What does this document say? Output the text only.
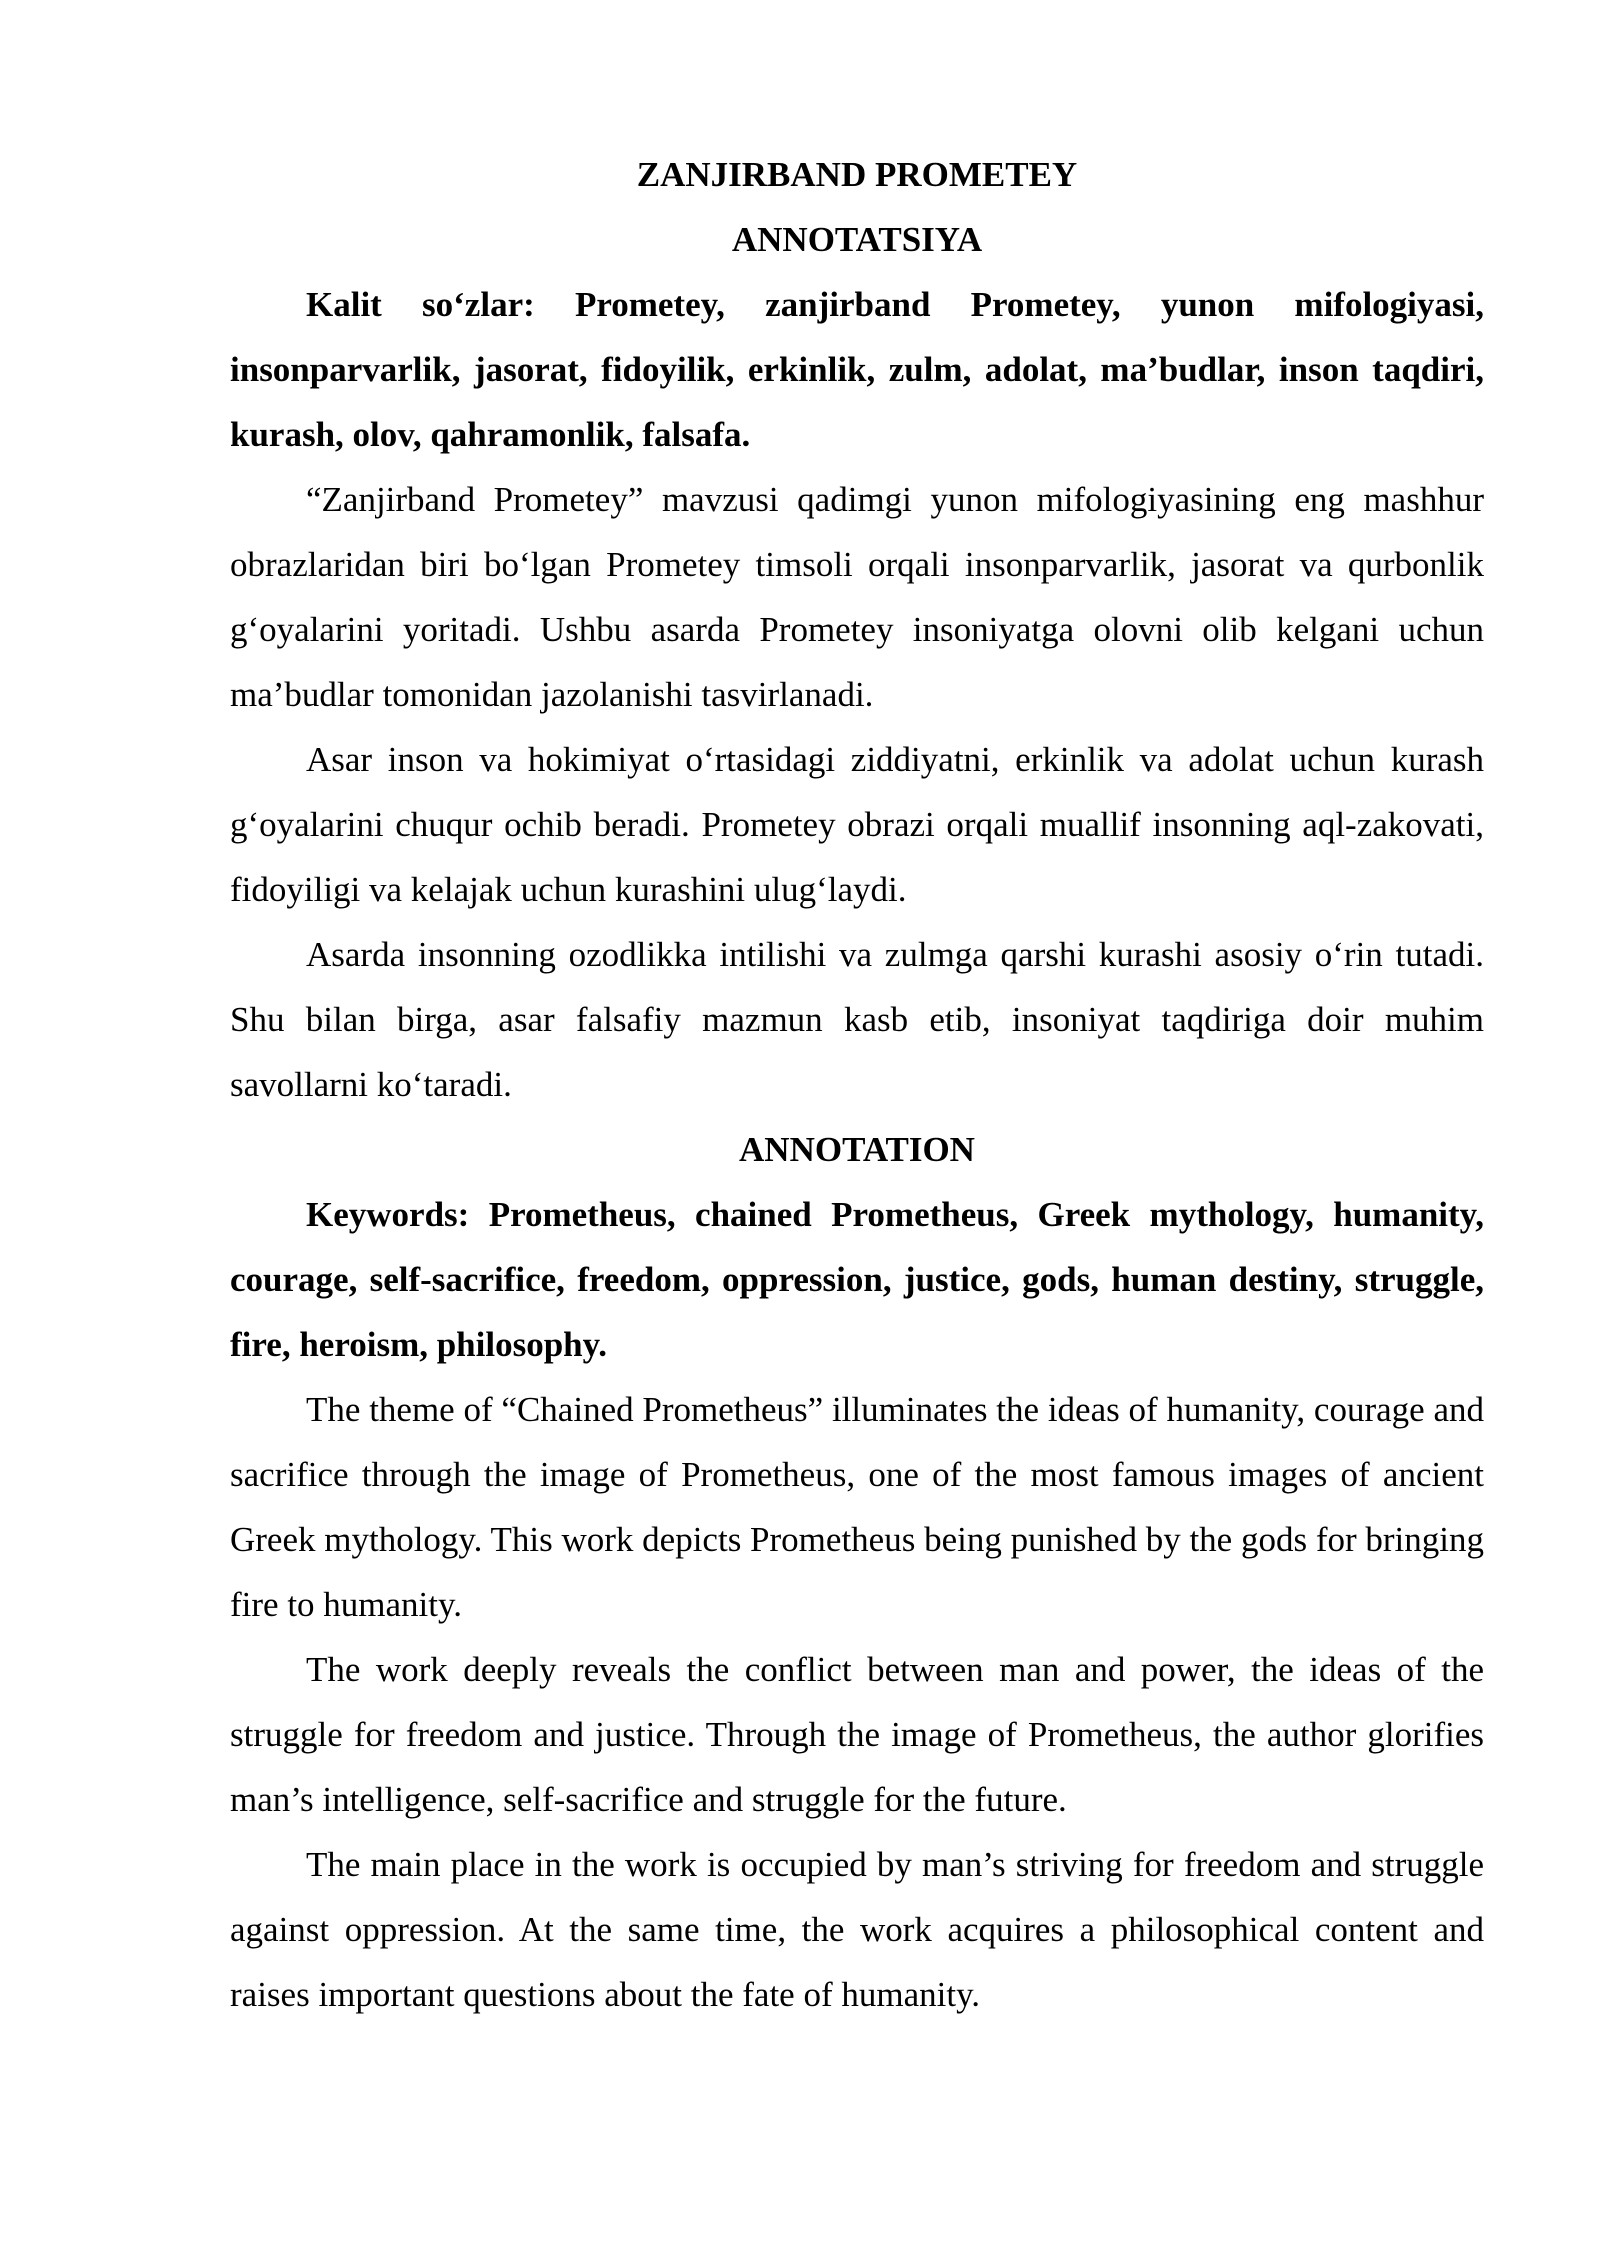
ZANJIRBAND PROMETEY
ANNOTATSIYA

Kalit so‘zlar: Prometey, zanjirband Prometey, yunon mifologiyasi, insonparvarlik, jasorat, fidoyilik, erkinlik, zulm, adolat, ma’budlar, inson taqdiri, kurash, olov, qahramonlik, falsafa.

“Zanjirband Prometey” mavzusi qadimgi yunon mifologiyasining eng mashhur obrazlaridan biri bo‘lgan Prometey timsoli orqali insonparvarlik, jasorat va qurbonlik g‘oyalarini yoritadi. Ushbu asarda Prometey insoniyatga olovni olib kelgani uchun ma’budlar tomonidan jazolanishi tasvirlanadi.

Asar inson va hokimiyat o‘rtasidagi ziddiyatni, erkinlik va adolat uchun kurash g‘oyalarini chuqur ochib beradi. Prometey obrazi orqali muallif insonning aql-zakovati, fidoyiligi va kelajak uchun kurashini ulug‘laydi.

Asarda insonning ozodlikka intilishi va zulmga qarshi kurashi asosiy o‘rin tutadi. Shu bilan birga, asar falsafiy mazmun kasb etib, insoniyat taqdiriga doir muhim savollarni ko‘taradi.

ANNOTATION

Keywords: Prometheus, chained Prometheus, Greek mythology, humanity, courage, self-sacrifice, freedom, oppression, justice, gods, human destiny, struggle, fire, heroism, philosophy.

The theme of “Chained Prometheus” illuminates the ideas of humanity, courage and sacrifice through the image of Prometheus, one of the most famous images of ancient Greek mythology. This work depicts Prometheus being punished by the gods for bringing fire to humanity.

The work deeply reveals the conflict between man and power, the ideas of the struggle for freedom and justice. Through the image of Prometheus, the author glorifies man’s intelligence, self-sacrifice and struggle for the future.

The main place in the work is occupied by man’s striving for freedom and struggle against oppression. At the same time, the work acquires a philosophical content and raises important questions about the fate of humanity.
